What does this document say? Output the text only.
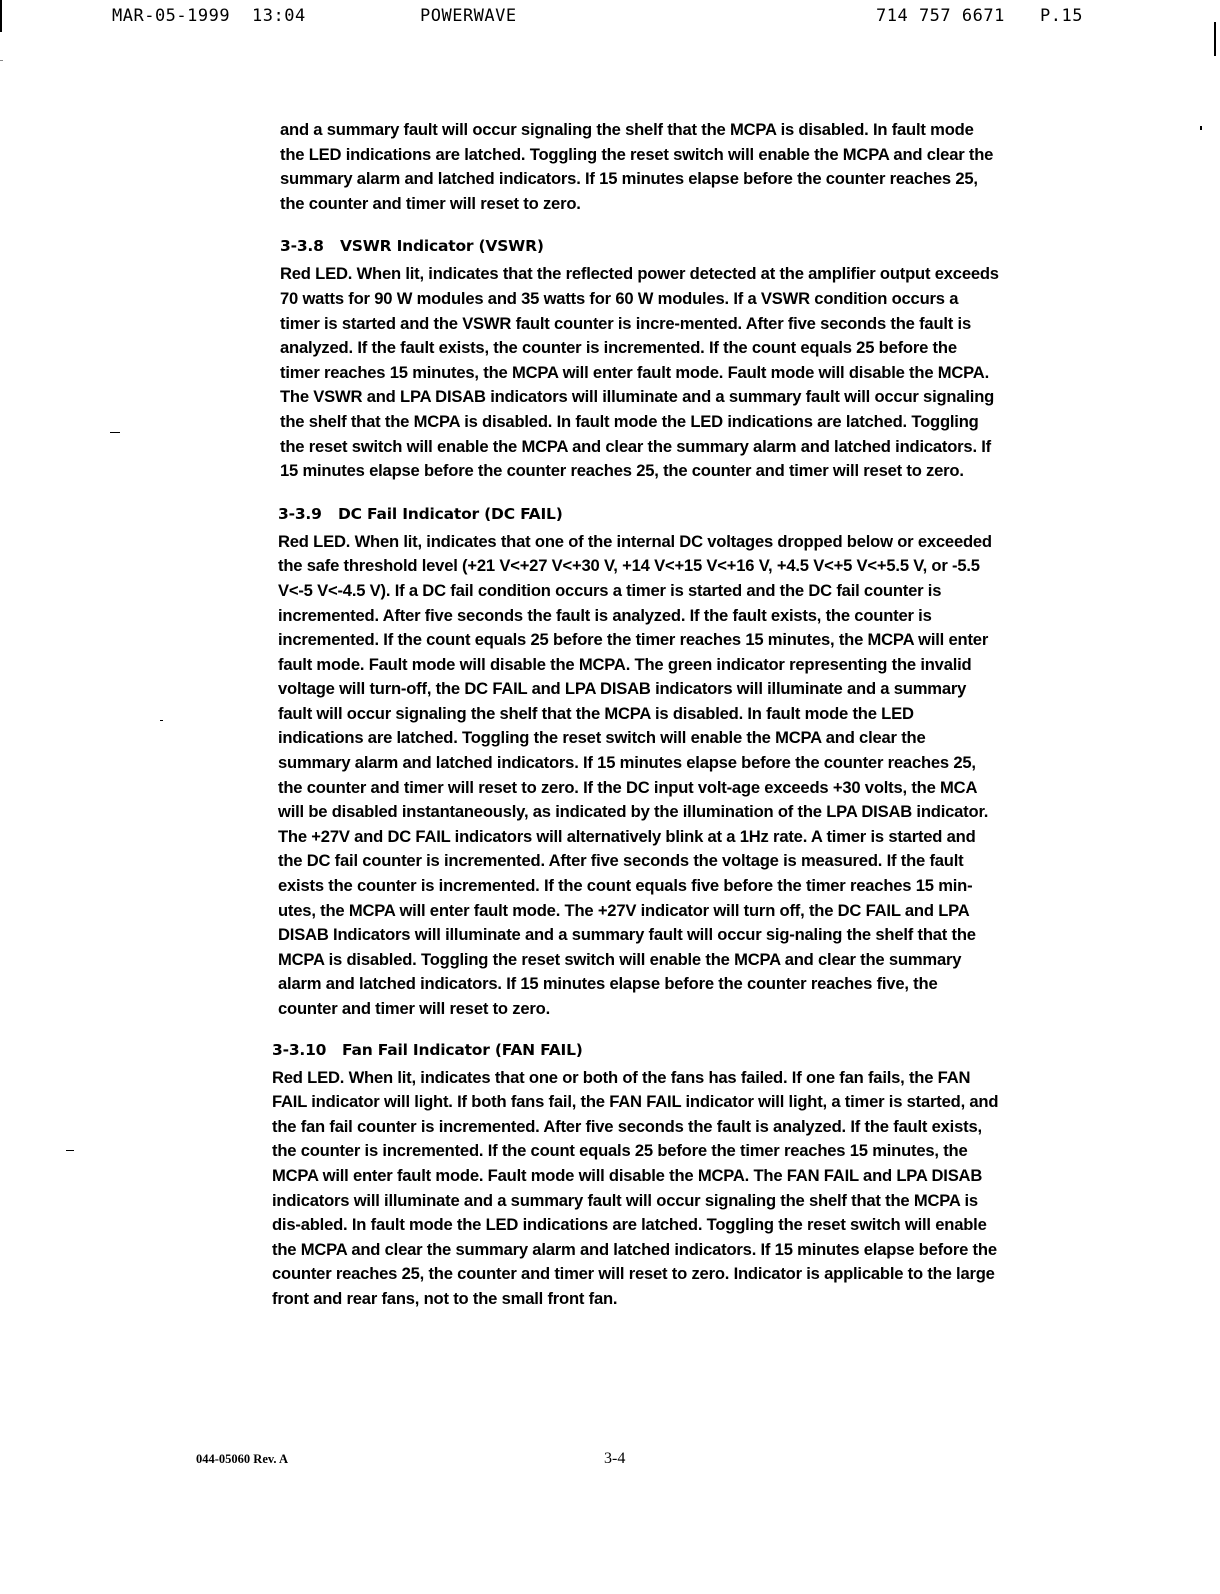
MAR-05-1999 13:04	POWERWAVE	714 757 6671 P.15

and a summary fault will occur signaling the shelf that the MCPA is disabled. In fault mode the LED indications are latched. Toggling the reset switch will enable the MCPA and clear the summary alarm and latched indicators. If 15 minutes elapse before the counter reaches 25, the counter and timer will reset to zero.

3-3.8 VSWR Indicator (VSWR)

Red LED. When lit, indicates that the reflected power detected at the amplifier output exceeds 70 watts for 90 W modules and 35 watts for 60 W modules. If a VSWR condition occurs a timer is started and the VSWR fault counter is incre-mented. After five seconds the fault is analyzed. If the fault exists, the counter is incremented. If the count equals 25 before the timer reaches 15 minutes, the MCPA will enter fault mode. Fault mode will disable the MCPA. The VSWR and LPA DISAB indicators will illuminate and a summary fault will occur signaling the shelf that the MCPA is disabled. In fault mode the LED indications are latched. Toggling the reset switch will enable the MCPA and clear the summary alarm and latched indicators. If 15 minutes elapse before the counter reaches 25, the counter and timer will reset to zero.

3-3.9 DC Fail Indicator (DC FAIL)

Red LED. When lit, indicates that one of the internal DC voltages dropped below or exceeded the safe threshold level (+21 V<+27 V<+30 V, +14 V<+15 V<+16 V, +4.5 V<+5 V<+5.5 V, or -5.5 V<-5 V<-4.5 V). If a DC fail condition occurs a timer is started and the DC fail counter is incremented. After five seconds the fault is analyzed. If the fault exists, the counter is incremented. If the count equals 25 before the timer reaches 15 minutes, the MCPA will enter fault mode. Fault mode will disable the MCPA. The green indicator representing the invalid voltage will turn-off, the DC FAIL and LPA DISAB indicators will illuminate and a summary fault will occur signaling the shelf that the MCPA is disabled. In fault mode the LED indications are latched. Toggling the reset switch will enable the MCPA and clear the summary alarm and latched indicators. If 15 minutes elapse before the counter reaches 25, the counter and timer will reset to zero. If the DC input volt-age exceeds +30 volts, the MCA will be disabled instantaneously, as indicated by the illumination of the LPA DISAB indicator. The +27V and DC FAIL indicators will alternatively blink at a 1Hz rate. A timer is started and the DC fail counter is incremented. After five seconds the voltage is measured. If the fault exists the counter is incremented. If the count equals five before the timer reaches 15 min-utes, the MCPA will enter fault mode. The +27V indicator will turn off, the DC FAIL and LPA DISAB Indicators will illuminate and a summary fault will occur sig-naling the shelf that the MCPA is disabled. Toggling the reset switch will enable the MCPA and clear the summary alarm and latched indicators. If 15 minutes elapse before the counter reaches five, the counter and timer will reset to zero.

3-3.10 Fan Fail Indicator (FAN FAIL)

Red LED. When lit, indicates that one or both of the fans has failed. If one fan fails, the FAN FAIL indicator will light. If both fans fail, the FAN FAIL indicator will light, a timer is started, and the fan fail counter is incremented. After five seconds the fault is analyzed. If the fault exists, the counter is incremented. If the count equals 25 before the timer reaches 15 minutes, the MCPA will enter fault mode. Fault mode will disable the MCPA. The FAN FAIL and LPA DISAB indicators will illuminate and a summary fault will occur signaling the shelf that the MCPA is dis-abled. In fault mode the LED indications are latched. Toggling the reset switch will enable the MCPA and clear the summary alarm and latched indicators. If 15 minutes elapse before the counter reaches 25, the counter and timer will reset to zero. Indicator is applicable to the large front and rear fans, not to the small front fan.

044-05060 Rev. A	3-4
